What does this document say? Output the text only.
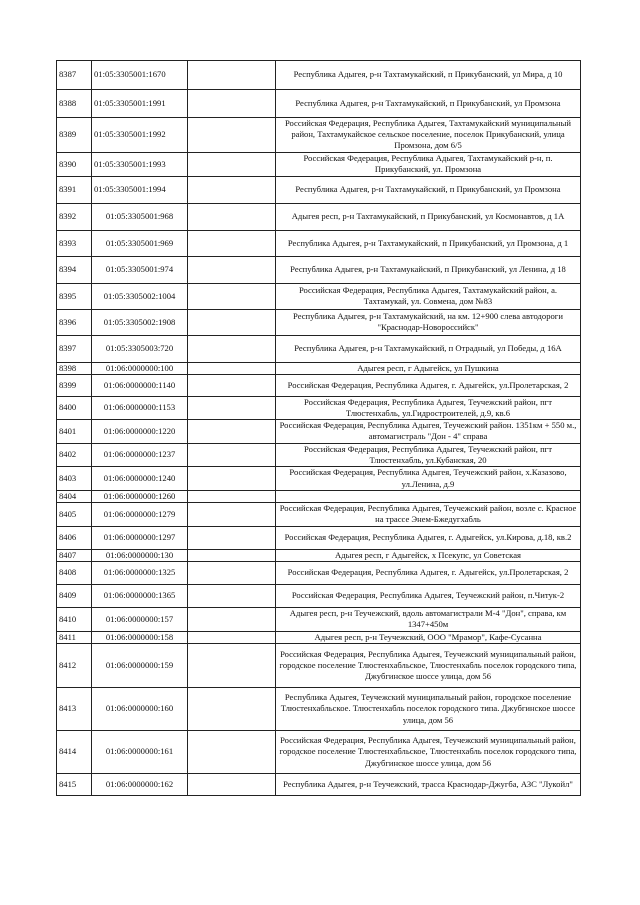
8387	01:05:3305001:1670		Республика Адыгея, р-н Тахтамукайский, п Прикубанский, ул Мира, д 10
8388	01:05:3305001:1991		Республика Адыгея, р-н Тахтамукайский, п Прикубанский, ул Промзона
8389	01:05:3305001:1992		Российская Федерация, Республика Адыгея, Тахтамукайский муниципальный район, Тахтамукайское сельское поселение, поселок Прикубанский, улица Промзона, дом 6/5
8390	01:05:3305001:1993		Российская Федерация, Республика Адыгея, Тахтамукайский р-н, п. Прикубанский, ул. Промзона
8391	01:05:3305001:1994		Республика Адыгея, р-н Тахтамукайский, п Прикубанский, ул Промзона
8392	01:05:3305001:968		Адыгея респ, р-н Тахтамукайский, п Прикубанский, ул Космонавтов, д 1А
8393	01:05:3305001:969		Республика Адыгея, р-н Тахтамукайский, п Прикубанский, ул Промзона, д 1
8394	01:05:3305001:974		Республика Адыгея, р-н Тахтамукайский, п Прикубанский, ул Ленина, д 18
8395	01:05:3305002:1004		Российская Федерация, Республика Адыгея, Тахтамукайский район, а. Тахтамукай, ул. Совмена, дом №83
8396	01:05:3305002:1908		Республика Адыгея, р-н Тахтамукайский, на км. 12+900 слева автодороги "Краснодар-Новороссийск"
8397	01:05:3305003:720		Республика Адыгея, р-н Тахтамукайский, п Отрадный, ул Победы, д 16А
8398	01:06:0000000:100		Адыгея респ, г Адыгейск, ул Пушкина
8399	01:06:0000000:1140		Российская Федерация, Республика Адыгея, г. Адыгейск, ул.Пролетарская, 2
8400	01:06:0000000:1153		Российская Федерация, Республика Адыгея, Теучежский район, пгт Тлюстенхабль, ул.Гидростроителей, д.9, кв.6
8401	01:06:0000000:1220		Российская Федерация, Республика Адыгея, Теучежский район. 1351км + 550 м., автомагистраль "Дон - 4" справа
8402	01:06:0000000:1237		Российская Федерация, Республика Адыгея, Теучежский район, пгт Тлюстенхабль, ул.Кубанская, 20
8403	01:06:0000000:1240		Российская Федерация, Республика Адыгея, Теучежский район, х.Казазово, ул.Ленина, д.9
8404	01:06:0000000:1260		
8405	01:06:0000000:1279		Российская Федерация, Республика Адыгея, Теучежский район, возле с. Красное на трассе Энем-Бжедугхабль
8406	01:06:0000000:1297		Российская Федерация, Республика Адыгея, г. Адыгейск, ул.Кирова, д.18, кв.2
8407	01:06:0000000:130		Адыгея респ, г Адыгейск, х Псекупс, ул Советская
8408	01:06:0000000:1325		Российская Федерация, Республика Адыгея, г. Адыгейск, ул.Пролетарская, 2
8409	01:06:0000000:1365		Российская Федерация, Республика Адыгея, Теучежский район, п.Читук-2
8410	01:06:0000000:157		Адыгея респ, р-н Теучежский, вдоль автомагистрали М-4 "Дон", справа, км 1347+450м
8411	01:06:0000000:158		Адыгея респ, р-н Теучежский, ООО "Мрамор", Кафе-Сусанна
8412	01:06:0000000:159		Российская Федерация, Республика Адыгея, Теучежский муниципальный район, городское поселение Тлюстенхабльское, Тлюстенхабль поселок городского типа, Джубгинское шоссе улица, дом 56
8413	01:06:0000000:160		Республика Адыгея, Теучежский муниципальный район, городское поселение Тлюстенхабльское. Тлюстенхабль поселок городского типа. Джубгинское шоссе улица, дом 56
8414	01:06:0000000:161		Российская Федерация, Республика Адыгея, Теучежский муниципальный район, городское поселение Тлюстенхабльское, Тлюстенхабль поселок городского типа, Джубгинское шоссе улица, дом 56
8415	01:06:0000000:162		Республика Адыгея, р-н Теучежский, трасса Краснодар-Джугба, АЗС "Лукойл"
